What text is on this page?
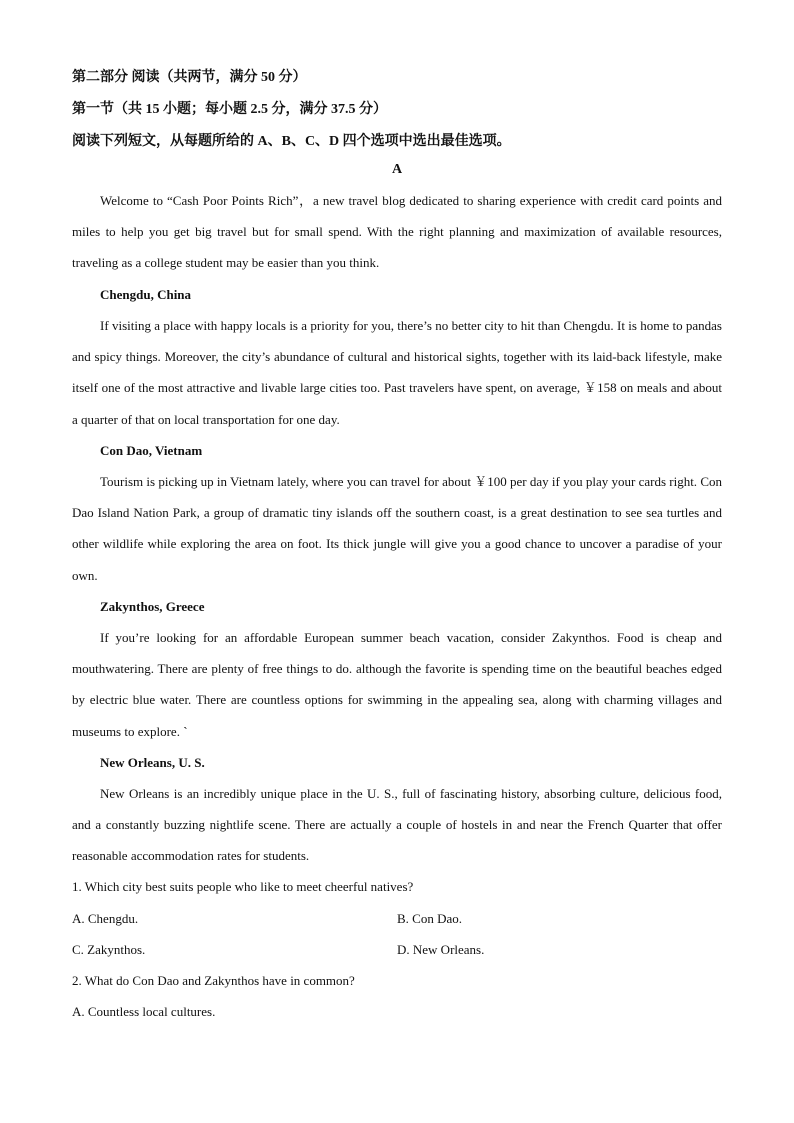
第二部分 阅读（共两节，满分 50 分）
第一节（共 15 小题；每小题 2.5 分，满分 37.5 分）
阅读下列短文，从每题所给的 A、B、C、D 四个选项中选出最佳选项。
A

Welcome to “Cash Poor Points Rich”，a new travel blog dedicated to sharing experience with credit card points and miles to help you get big travel but for small spend. With the right planning and maximization of available resources, traveling as a college student may be easier than you think.

Chengdu, China

If visiting a place with happy locals is a priority for you, there’s no better city to hit than Chengdu. It is home to pandas and spicy things. Moreover, the city’s abundance of cultural and historical sights, together with its laid-back lifestyle, make itself one of the most attractive and livable large cities too. Past travelers have spent, on average, ￥158 on meals and about a quarter of that on local transportation for one day.

Con Dao, Vietnam

Tourism is picking up in Vietnam lately, where you can travel for about ￥100 per day if you play your cards right. Con Dao Island Nation Park, a group of dramatic tiny islands off the southern coast, is a great destination to see sea turtles and other wildlife while exploring the area on foot. Its thick jungle will give you a good chance to uncover a paradise of your own.

Zakynthos, Greece

If you’re looking for an affordable European summer beach vacation, consider Zakynthos. Food is cheap and mouthwatering. There are plenty of free things to do. although the favorite is spending time on the beautiful beaches edged by electric blue water. There are countless options for swimming in the appealing sea, along with charming villages and museums to explore. ˋ

New Orleans, U. S.

New Orleans is an incredibly unique place in the U. S., full of fascinating history, absorbing culture, delicious food, and a constantly buzzing nightlife scene. There are actually a couple of hostels in and near the French Quarter that offer reasonable accommodation rates for students.

1. Which city best suits people who like to meet cheerful natives?
A. Chengdu.	B. Con Dao.
C. Zakynthos.	D. New Orleans.
2. What do Con Dao and Zakynthos have in common?
A. Countless local cultures.
